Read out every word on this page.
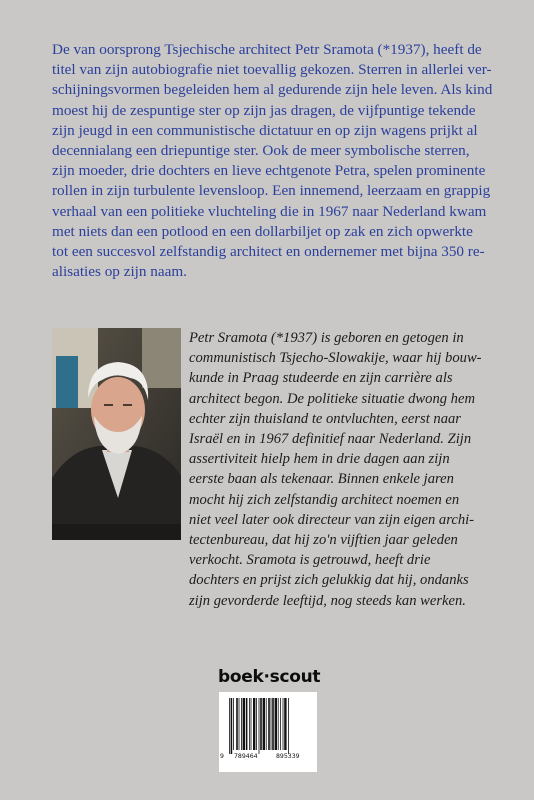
De van oorsprong Tsjechische architect Petr Sramota (*1937), heeft de
titel van zijn autobiografie niet toevallig gekozen. Sterren in allerlei ver-
schijningsvormen begeleiden hem al gedurende zijn hele leven. Als kind
moest hij de zespuntige ster op zijn jas dragen, de vijfpuntige tekende
zijn jeugd in een communistische dictatuur en op zijn wagens prijkt al
decennialang een driepuntige ster. Ook de meer symbolische sterren,
zijn moeder, drie dochters en lieve echtgenote Petra, spelen prominente
rollen in zijn turbulente levensloop. Een innemend, leerzaam en grappig
verhaal van een politieke vluchteling die in 1967 naar Nederland kwam
met niets dan een potlood en een dollarbiljet op zak en zich opwerkte
tot een succesvol zelfstandig architect en ondernemer met bijna 350 re-
alisaties op zijn naam.

Petr Sramota (*1937) is geboren en getogen in
communistisch Tsjecho-Slowakije, waar hij bouw-
kunde in Praag studeerde en zijn carrière als
architect begon. De politieke situatie dwong hem
echter zijn thuisland te ontvluchten, eerst naar
Israël en in 1967 definitief naar Nederland. Zijn
assertiviteit hielp hem in drie dagen aan zijn
eerste baan als tekenaar. Binnen enkele jaren
mocht hij zich zelfstandig architect noemen en
niet veel later ook directeur van zijn eigen archi-
tectenbureau, dat hij zo'n vijftien jaar geleden
verkocht. Sramota is getrouwd, heeft drie
dochters en prijst zich gelukkig dat hij, ondanks
zijn gevorderde leeftijd, nog steeds kan werken.

boek·scout
9 789464	895339
